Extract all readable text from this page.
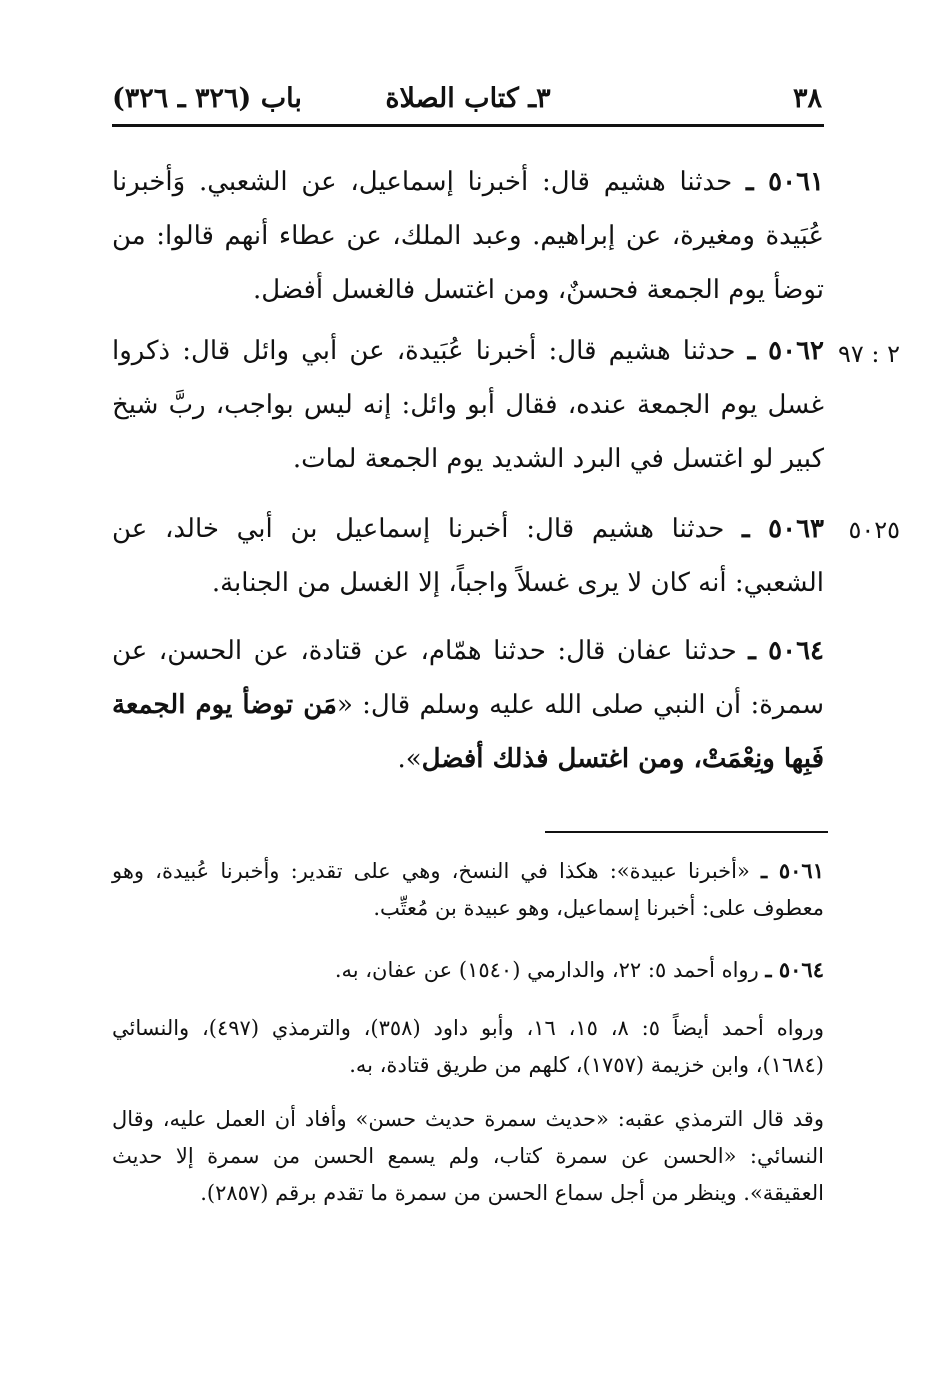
٣٨
٣ـ كتاب الصلاة
باب (٣٢٦ ـ ٣٢٦)
٥٠٦١ ـ حدثنا هشيم قال: أخبرنا إسماعيل، عن الشعبي. وَأخبرنا عُبَيدة ومغيرة، عن إبراهيم. وعبد الملك، عن عطاء أنهم قالوا: من توضأ يوم الجمعة فحسنٌ، ومن اغتسل فالغسل أفضل.
٢ : ٩٧
٥٠٦٢ ـ حدثنا هشيم قال: أخبرنا عُبَيدة، عن أبي وائل قال: ذكروا غسل يوم الجمعة عنده، فقال أبو وائل: إنه ليس بواجب، ربَّ شيخ كبير لو اغتسل في البرد الشديد يوم الجمعة لمات.
٥٠٢٥
٥٠٦٣ ـ حدثنا هشيم قال: أخبرنا إسماعيل بن أبي خالد، عن الشعبي: أنه كان لا يرى غسلاً واجباً، إلا الغسل من الجنابة.
٥٠٦٤ ـ حدثنا عفان قال: حدثنا همّام، عن قتادة، عن الحسن، عن سمرة: أن النبي صلى الله عليه وسلم قال: «مَن توضأ يوم الجمعة فَبِها ونِعْمَتْ، ومن اغتسل فذلك أفضل».
٥٠٦١ ـ «أخبرنا عبيدة»: هكذا في النسخ، وهي على تقدير: وأخبرنا عُبيدة، وهو معطوف على: أخبرنا إسماعيل، وهو عبيدة بن مُعتِّب.
٥٠٦٤ ـ رواه أحمد ٥: ٢٢، والدارمي (١٥٤٠) عن عفان، به.
ورواه أحمد أيضاً ٥: ٨، ١٥، ١٦، وأبو داود (٣٥٨)، والترمذي (٤٩٧)، والنسائي (١٦٨٤)، وابن خزيمة (١٧٥٧)، كلهم من طريق قتادة، به.
وقد قال الترمذي عقبه: «حديث سمرة حديث حسن» وأفاد أن العمل عليه، وقال النسائي: «الحسن عن سمرة كتاب، ولم يسمع الحسن من سمرة إلا حديث العقيقة». وينظر من أجل سماع الحسن من سمرة ما تقدم برقم (٢٨٥٧).
